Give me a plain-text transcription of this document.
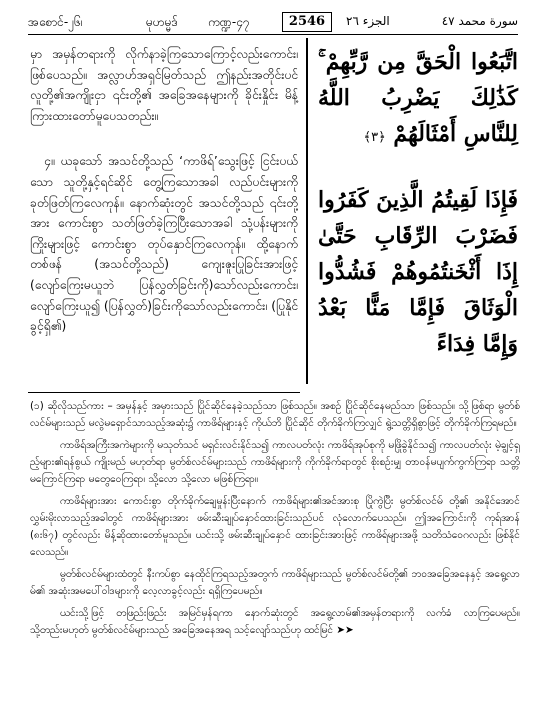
အစောင်-၂၆၊	မုဟမ္မဒ်	ကဏ္ဍ-၄၇	2546	الجزء ٢٦	سورة محمد ٤٧

မှာ အမှန်တရားကို လိုက်နာခဲ့ကြသောကြောင့်လည်းကောင်း၊ ဖြစ်ပေသည်။ အလ္လာဟ်အရှင်မြတ်သည် ဤနည်းအတိုင်းပင် လူတို့၏အကျိုးငှာ ၎င်းတို့၏ အခြေအနေများကို ခိုင်းနှိုင်း မိန့်ကြားထားတော်မူပေသတည်း။

၄။ ယခုသော် အသင်တို့သည် ‘ကာဖိရ်’သွေးဖြင့် ငြင်းပယ်သော သူတို့နှင့်ရင်ဆိုင် တွေ့ကြသောအခါ လည်ပင်းများကို ခုတ်ဖြတ်ကြလေကုန်။ နောက်ဆုံးတွင် အသင်တို့သည် ၎င်းတို့အား ကောင်းစွာ သတ်ဖြတ်ခဲ့ကြပြီးသောအခါ သုံ့ပန်းများကို ကြိုးများဖြင့် ကောင်းစွာ တုပ်နှောင်ကြလေကုန်။ ထို့နောက် တစ်ဖန် (အသင်တို့သည်) ကျေးဇူးပြုခြင်းအားဖြင့် (လျော်ကြေးမယူဘဲ ပြန်လွှတ်ခြင်းကို)သော်လည်းကောင်း၊ လျော်ကြေးယူ၍ (ပြန်လွှတ်)ခြင်းကိုသော်လည်းကောင်း၊ (ပြုနိုင်ခွင့်ရှိ၏)

اتَّبَعُوا الْحَقَّ مِن رَّبِّهِمْ ۚ كَذَٰلِكَ يَضْرِبُ اللَّهُ لِلنَّاسِ أَمْثَالَهُمْ ﴿٣﴾
فَإِذَا لَقِيتُمُ الَّذِينَ كَفَرُوا فَضَرْبَ الرِّقَابِ حَتَّىٰ إِذَا أَثْخَنتُمُوهُمْ فَشُدُّوا الْوَثَاقَ فَإِمَّا مَنًّا بَعْدُ وَإِمَّا فِدَاءً

(၁) ဆိုလိုသည်ကား – အမှန်နှင့် အမှားသည် ပြိုင်ဆိုင်နေခဲ့သည်သာ ဖြစ်သည်။ အစဉ် ပြိုင်ဆိုင်နေမည်သာ ဖြစ်သည်။ သို့ဖြစ်ရာ မွတ်စ်လင်မ်များသည် မလွဲမရှောင်သာသည့်အဆုံး၌ ကာဖိရ်များနှင့် ကိုယ်ဘိ ပြိုင်ဆိုင် တိုက်ခိုက်ကြလျှင် ရွဲ့သတ္တိရှိစွာဖြင့် တိုက်ခိုက်ကြရမည်။

ကာဖိရ်အကြီးအကဲများကို မသုတ်သင် မရှင်းလင်းနိုင်သ၍ ကာလပတ်လုံး ကာဖိရ်အုပ်စုကို မဖြိုခွဲနိုင်သ၍ ကာလပတ်လုံး မဲ့ချွင့်ရှည့်များ၏ရန်စွယ် ကျိုးမည် မဟုတ်ရာ မွတ်စ်လင်မ်များသည် ကာဖိရ်များကို ကိုက်ခိုက်ရာတွင် စိုးစဉ်းမျှ တာဝန်မပျက်ကွက်ကြရာ သတ္တိမကြောင်ကြရာ မတွေဝေကြရာ၊ သို့လော သို့လော မဖြစ်ကြရာ။

ကာဖိရ်များအား ကောင်းစွာ တိုက်ခိုက်ချေမှုန်းပြီးနောက် ကာဖိရ်များ၏အင်အားစု ပြိုကွဲပြီး မွတ်စ်လင်မ် တို့၏ အနိုင်အောင် လွှမ်းမိုးလာသည့်အခါတွင် ကာဖိရ်များအား ဖမ်းဆီးချုပ်နှောင်ထားခြင်းသည်ပင် လုံလောက်ပေသည်။ ဤအကြောင်းကို ကုရ်အာန် (၈း၆၇) တွင်လည်း မိန့်ဆိုထားတော်မူသည်။ ယင်းသို့ ဖမ်းဆီးချုပ်နှောင် ထားခြင်းအားဖြင့် ကာဖိရ်များအဖို့ သတိသံဝေဂလည်း ဖြစ်နိုင်လေသည်။

မွတ်စ်လင်မ်များထံတွင် နီးကပ်စွာ နေထိုင်ကြရသည့်အတွက် ကာဖိရ်များသည် မွတ်စ်လင်မ်တို့၏ ဘဝအခြေအနေနှင့် အရွေ့လာမ်၏ အဆုံးအမပေါ်ဝါဒများကို လေ့လာခွင့်လည်း ရရှိကြပေမည်။

ယင်းသို့ဖြင့် တဖြည်းဖြည်း အမြင်မှန်ရကာ နောက်ဆုံးတွင် အရွေ့လာမ်၏အမှန်တရားကို လက်ခံ လာကြပေမည်။ သို့တည်းမဟုတ် မွတ်စ်လင်မ်များသည် အခြေအနေအရ သင့်လျော်သည်ဟု ထင်မြင် ➤➤
